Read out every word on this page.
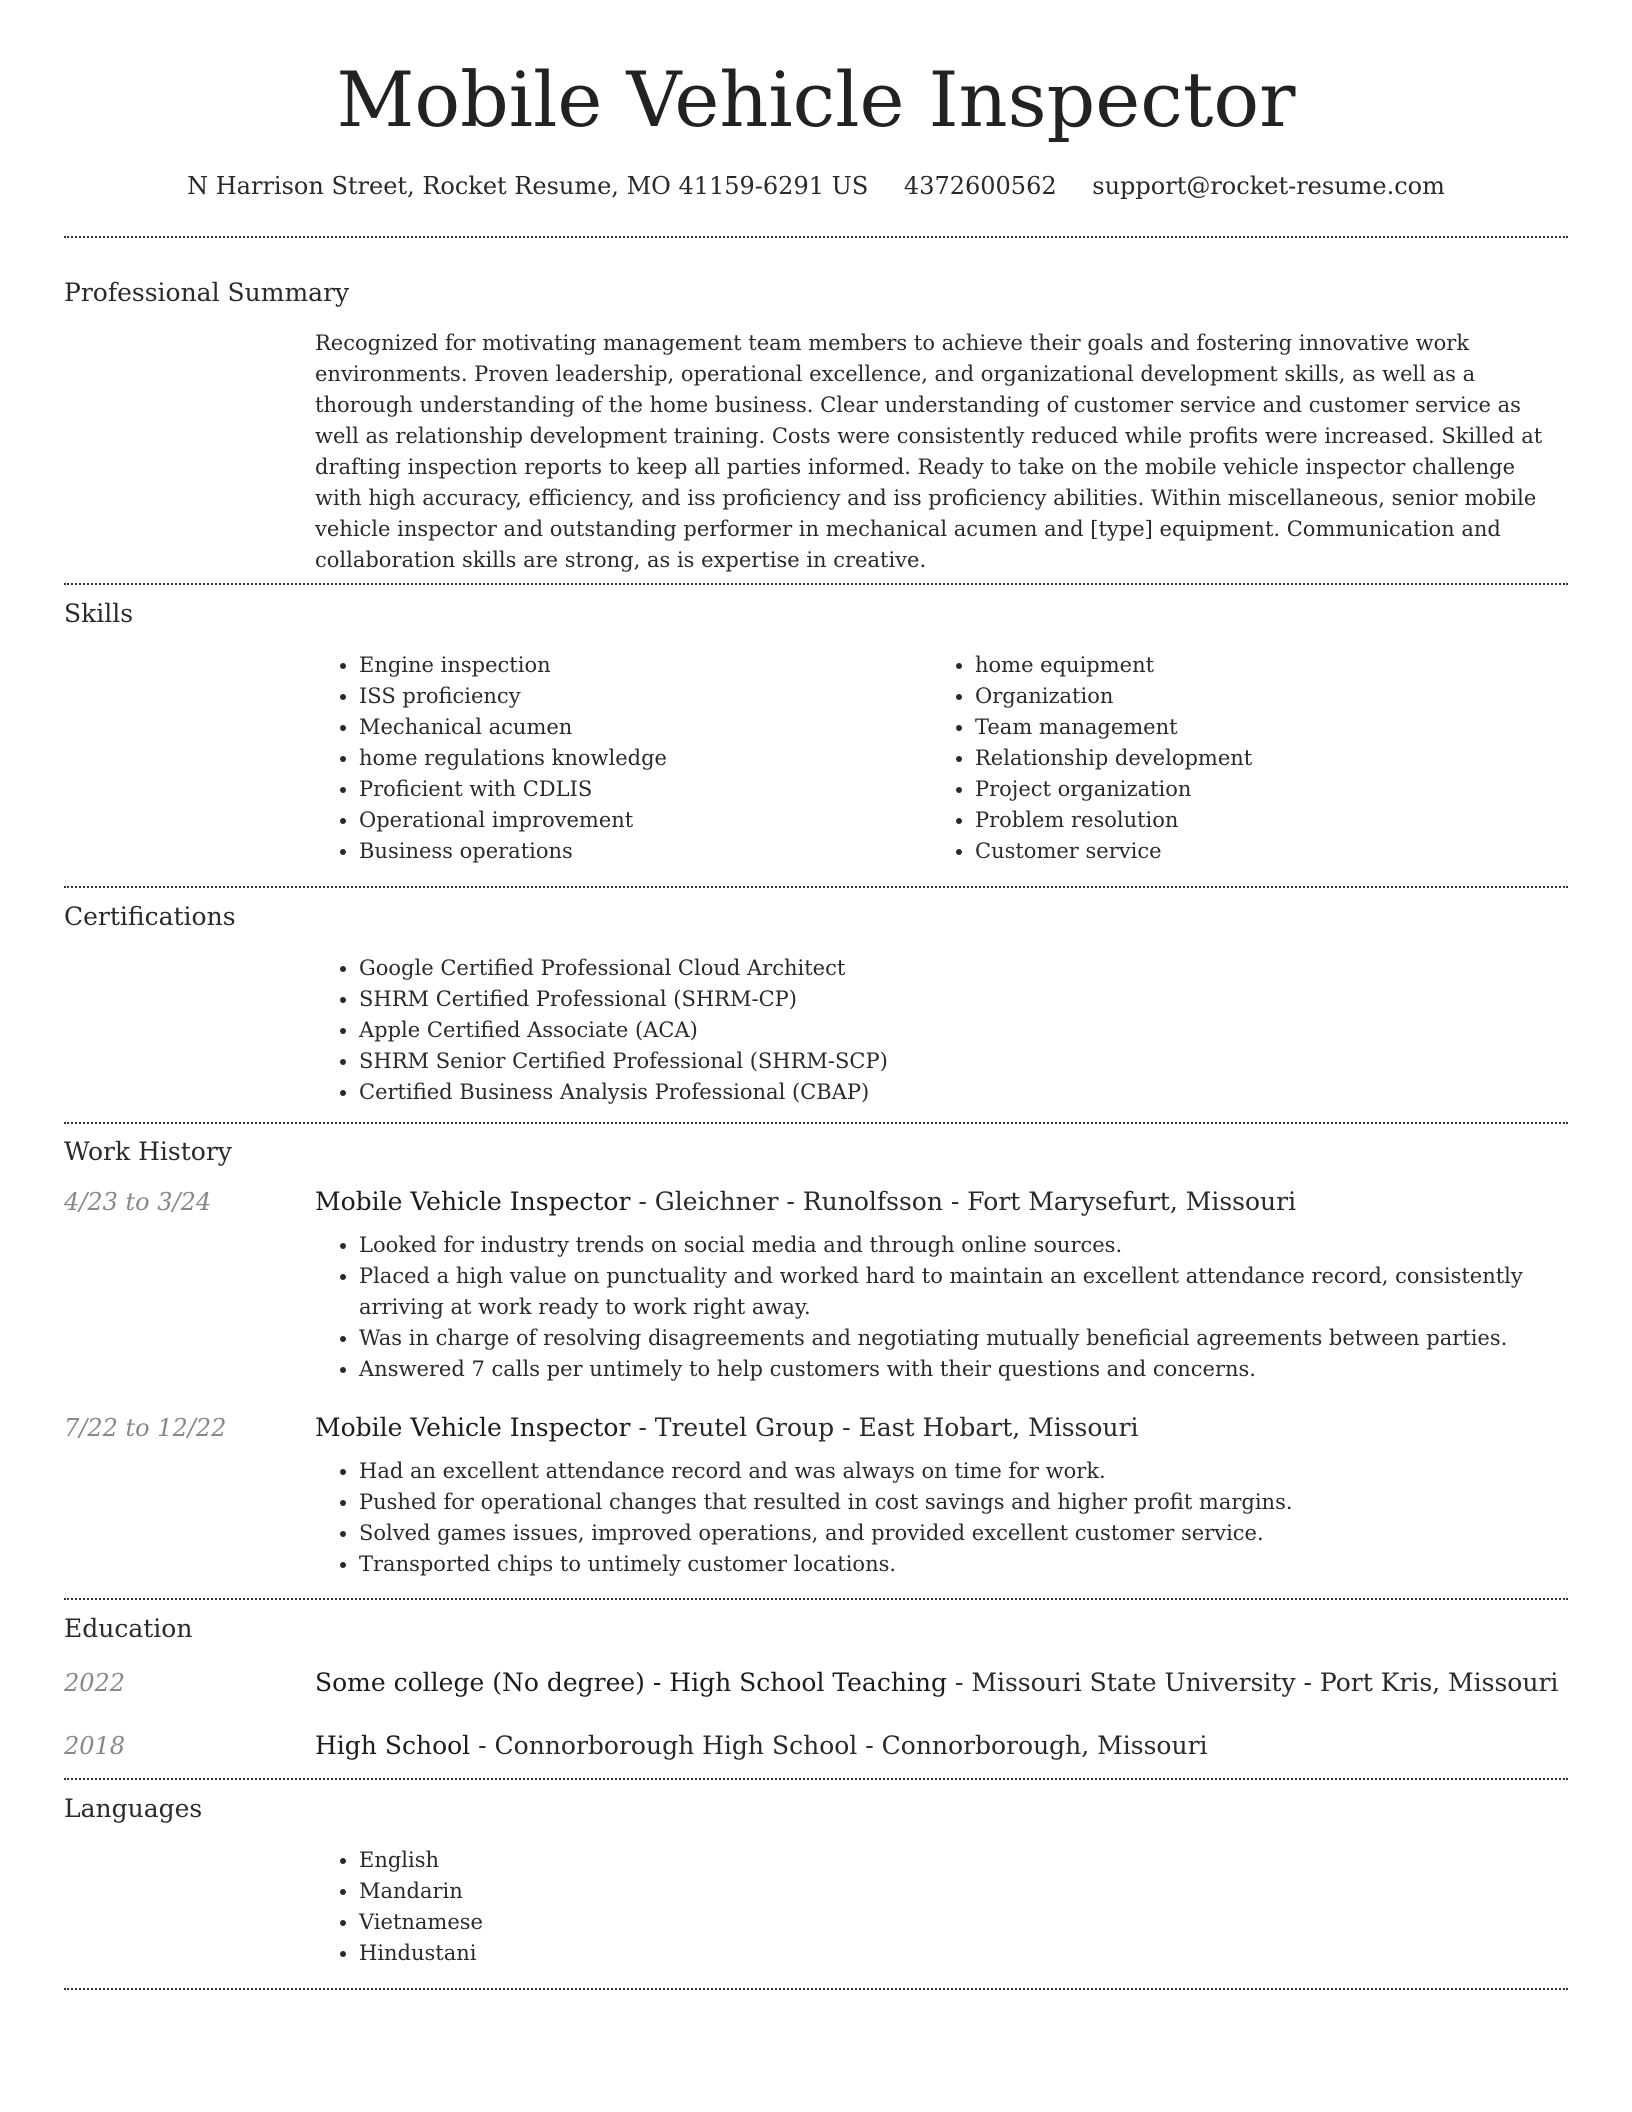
Mobile Vehicle Inspector
N Harrison Street, Rocket Resume, MO 41159-6291 US 4372600562 support@rocket-resume.com
Professional Summary

Recognized for motivating management team members to achieve their goals and fostering innovative work environments. Proven leadership, operational excellence, and organizational development skills, as well as a thorough understanding of the home business. Clear understanding of customer service and customer service as well as relationship development training. Costs were consistently reduced while profits were increased. Skilled at drafting inspection reports to keep all parties informed. Ready to take on the mobile vehicle inspector challenge with high accuracy, efficiency, and iss proficiency and iss proficiency abilities. Within miscellaneous, senior mobile vehicle inspector and outstanding performer in mechanical acumen and [type] equipment. Communication and collaboration skills are strong, as is expertise in creative.

Skills
• Engine inspection
• ISS proficiency
• Mechanical acumen
• home regulations knowledge
• Proficient with CDLIS
• Operational improvement
• Business operations
• home equipment
• Organization
• Team management
• Relationship development
• Project organization
• Problem resolution
• Customer service
Certifications
• Google Certified Professional Cloud Architect
• SHRM Certified Professional (SHRM-CP)
• Apple Certified Associate (ACA)
• SHRM Senior Certified Professional (SHRM-SCP)
• Certified Business Analysis Professional (CBAP)
Work History
4/23 to 3/24	Mobile Vehicle Inspector - Gleichner - Runolfsson - Fort Marysefurt, Missouri
• Looked for industry trends on social media and through online sources.
• Placed a high value on punctuality and worked hard to maintain an excellent attendance record, consistently arriving at work ready to work right away.
• Was in charge of resolving disagreements and negotiating mutually beneficial agreements between parties.
• Answered 7 calls per untimely to help customers with their questions and concerns.
7/22 to 12/22	Mobile Vehicle Inspector - Treutel Group - East Hobart, Missouri
• Had an excellent attendance record and was always on time for work.
• Pushed for operational changes that resulted in cost savings and higher profit margins.
• Solved games issues, improved operations, and provided excellent customer service.
• Transported chips to untimely customer locations.
Education
2022	Some college (No degree) - High School Teaching - Missouri State University - Port Kris, Missouri
2018	High School - Connorborough High School - Connorborough, Missouri
Languages
• English
• Mandarin
• Vietnamese
• Hindustani
